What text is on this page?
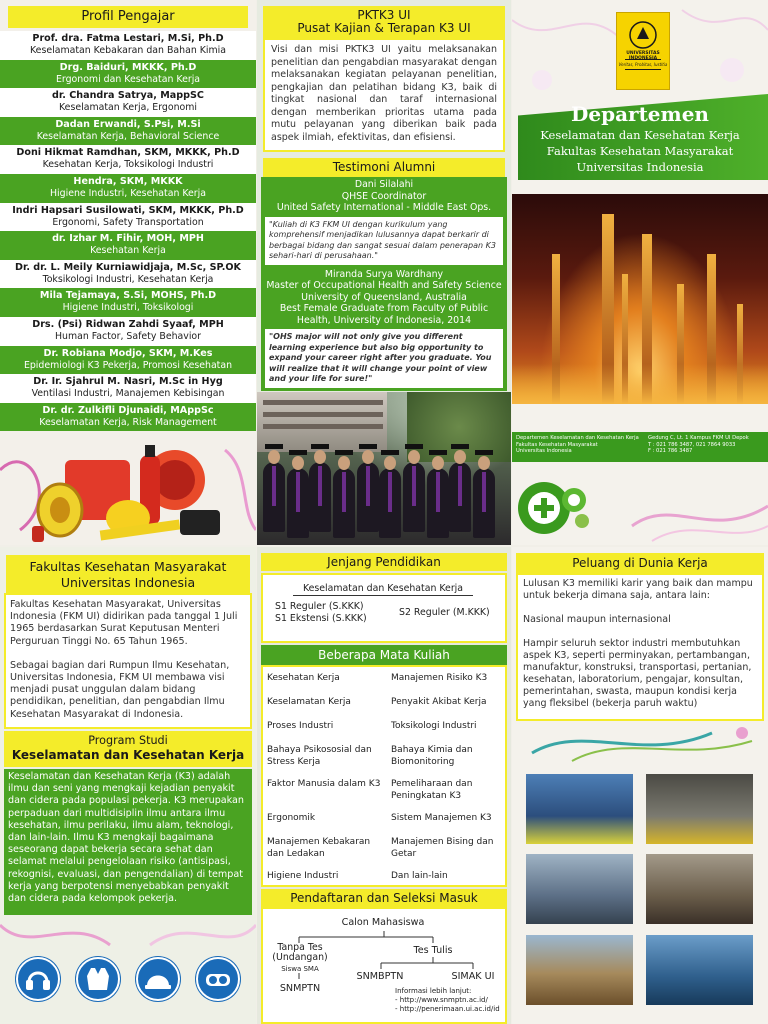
Profil Pengajar
Prof. dra. Fatma Lestari, M.Si, Ph.D
Keselamatan Kebakaran dan Bahan Kimia
Drg. Baiduri, MKKK, Ph.D
Ergonomi dan Kesehatan Kerja
dr. Chandra Satrya, MappSC
Keselamatan Kerja, Ergonomi
Dadan Erwandi, S.Psi, M.Si
Keselamatan Kerja, Behavioral Science
Doni Hikmat Ramdhan, SKM, MKKK, Ph.D
Kesehatan Kerja, Toksikologi Industri
Hendra, SKM, MKKK
Higiene Industri, Kesehatan Kerja
Indri Hapsari Susilowati, SKM, MKKK, Ph.D
Ergonomi, Safety Transportation
dr. Izhar M. Fihir, MOH, MPH
Kesehatan Kerja
Dr. dr. L. Meily Kurniawidjaja, M.Sc, SP.OK
Toksikologi Industri, Kesehatan Kerja
Mila Tejamaya, S.Si, MOHS, Ph.D
Higiene Industri, Toksikologi
Drs. (Psi) Ridwan Zahdi Syaaf, MPH
Human Factor, Safety Behavior
Dr. Robiana Modjo, SKM, M.Kes
Epidemiologi K3 Pekerja, Promosi Kesehatan
Dr. Ir. Sjahrul M. Nasri, M.Sc in Hyg
Ventilasi Industri, Manajemen Kebisingan
Dr. dr. Zulkifli Djunaidi, MAppSc
Keselamatan Kerja, Risk Management
PKTK3 UI
Pusat Kajian & Terapan K3 UI
Visi dan misi PKTK3 UI yaitu melaksanakan penelitian dan pengabdian masyarakat dengan melaksanakan kegiatan pelayanan penelitian, pengkajian dan pelatihan bidang K3, baik di tingkat nasional dan taraf internasional dengan memberikan prioritas utama pada mutu pelayanan yang diberikan baik pada aspek ilmiah, efektivitas, dan efisiensi.
Testimoni Alumni
Dani Silalahi
QHSE Coordinator
United Safety International - Middle East Ops.
"Kuliah di K3 FKM UI dengan kurikulum yang komprehensif menjadikan lulusannya dapat berkarir di berbagai bidang dan sangat sesuai dalam penerapan K3 sehari-hari di perusahaan."
Miranda Surya Wardhany
Master of Occupational Health and Safety Science
University of Queensland, Australia
Best Female Graduate from Faculty of Public Health, University of Indonesia, 2014
"OHS major will not only give you different learning experience but also big opportunity to expand your career right after you graduate. You will realize that it will change your point of view and your life for sure!"
UNIVERSITAS INDONESIA
Veritas, Probitas, Iustitia
Departemen
Keselamatan dan Kesehatan Kerja
Fakultas Kesehatan Masyarakat
Universitas Indonesia
Departemen Keselamatan dan Kesehatan Kerja
Fakultas Kesehatan Masyarakat
Universitas Indonesia
Gedung C, Lt. 1 Kampus FKM UI Depok
T : 021 786 3487, 021 7864 9033
F : 021 786 3487
Fakultas Kesehatan Masyarakat
Universitas Indonesia
Fakultas Kesehatan Masyarakat, Universitas Indonesia (FKM UI) didirikan pada tanggal 1 Juli 1965 berdasarkan Surat Keputusan Menteri Perguruan Tinggi No. 65 Tahun 1965.
Sebagai bagian dari Rumpun Ilmu Kesehatan, Universitas Indonesia, FKM UI membawa visi menjadi pusat unggulan dalam bidang pendidikan, penelitian, dan pengabdian Ilmu Kesehatan Masyarakat di Indonesia.
Program Studi
Keselamatan dan Kesehatan Kerja
Keselamatan dan Kesehatan Kerja (K3) adalah ilmu dan seni yang mengkaji kejadian penyakit dan cidera pada populasi pekerja. K3 merupakan perpaduan dari multidisiplin ilmu antara ilmu kesehatan, ilmu perilaku, ilmu alam, teknologi, dan lain-lain. Ilmu K3 mengkaji bagaimana seseorang dapat bekerja secara sehat dan selamat melalui pengelolaan risiko (antisipasi, rekognisi, evaluasi, dan pengendalian) di tempat kerja yang berpotensi menyebabkan penyakit dan cidera pada kelompok pekerja.
Jenjang Pendidikan
Keselamatan dan Kesehatan Kerja
S1 Reguler (S.KKK)
S1 Ekstensi (S.KKK)
S2 Reguler (M.KKK)
Beberapa Mata Kuliah
Kesehatan Kerja
Keselamatan Kerja
Proses Industri
Bahaya Psikososial dan Stress Kerja
Faktor Manusia dalam K3
Ergonomik
Manajemen Kebakaran dan Ledakan
Higiene Industri
Manajemen Risiko K3
Penyakit Akibat Kerja
Toksikologi Industri
Bahaya Kimia dan Biomonitoring
Pemeliharaan dan Peningkatan K3
Sistem Manajemen K3
Manajemen Bising dan Getar
Dan lain-lain
Pendaftaran dan Seleksi Masuk
Calon Mahasiswa
Tanpa Tes (Undangan)
Siswa SMA
Tes Tulis
SNMPTN
SNMBPTN	SIMAK UI
Informasi lebih lanjut:
- http://www.snmptn.ac.id/
- http://penerimaan.ui.ac.id/id
Peluang di Dunia Kerja
Lulusan K3 memiliki karir yang baik dan mampu untuk bekerja dimana saja, antara lain:
Nasional maupun internasional
Hampir seluruh sektor industri membutuhkan aspek K3, seperti perminyakan, pertambangan, manufaktur, konstruksi, transportasi, pertanian, kesehatan, laboratorium, pengajar, konsultan, pemerintahan, swasta, maupun kondisi kerja yang fleksibel (bekerja paruh waktu)
